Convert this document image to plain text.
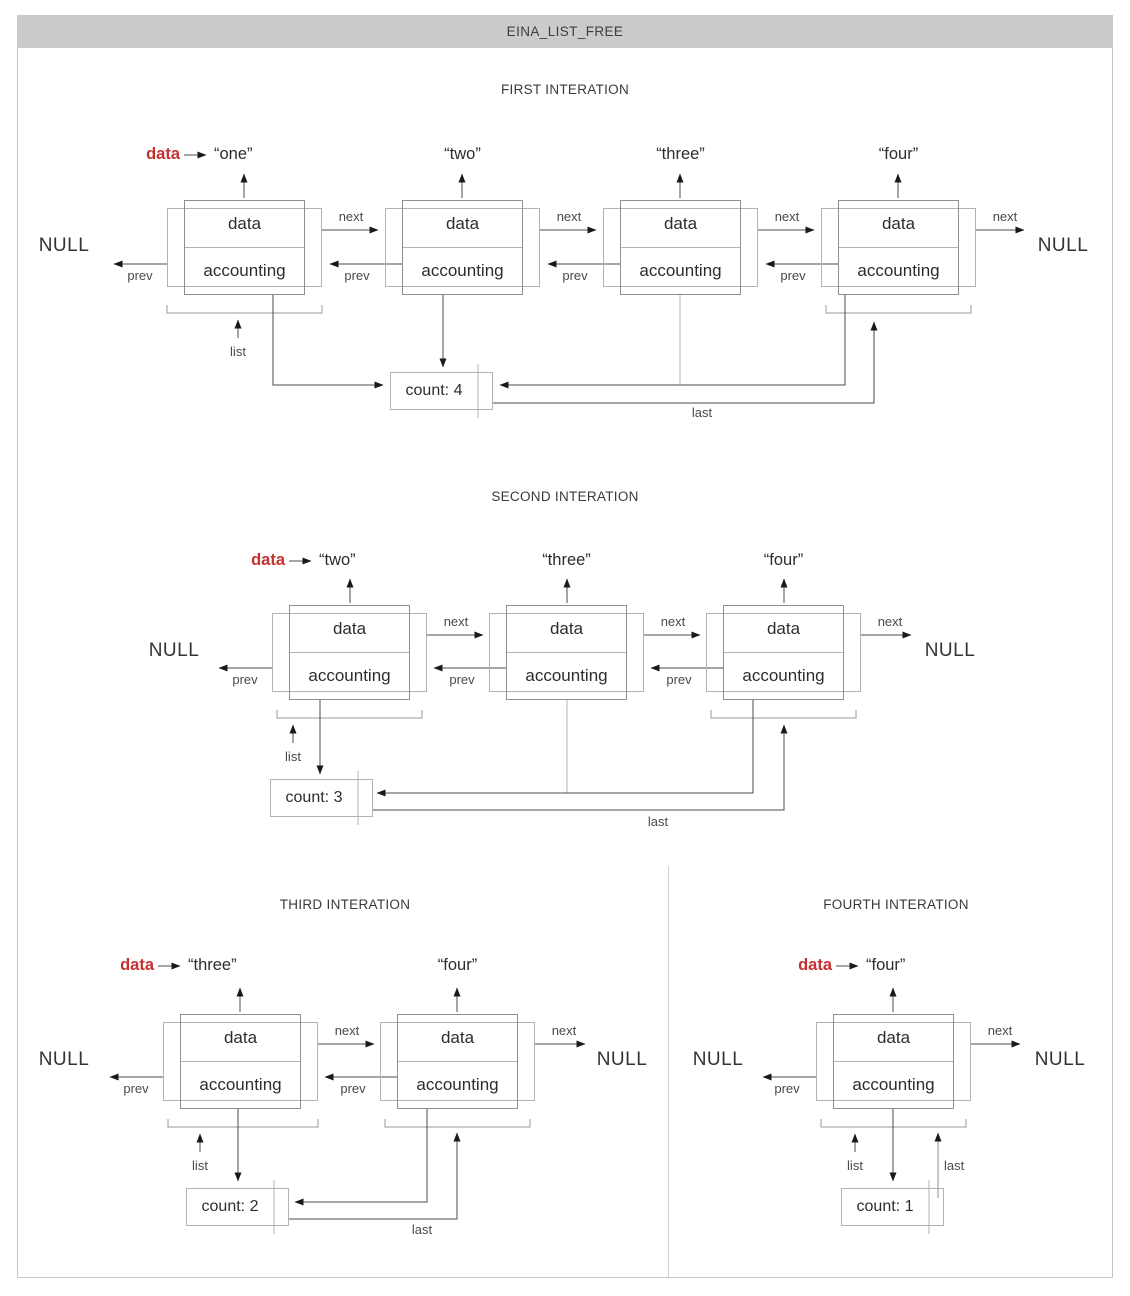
EINA_LIST_FREE
FIRST INTERATION
data “one”	“two”	“three”	“four”
NULL	NULL
next	next	next	next
prev	prev	prev
prev
list
last
data
accounting
data
accounting
data
accounting
data
accounting
count: 4
SECOND INTERATION
data “two”	“three”	“four”
NULL	NULL
next	next	next
prev	prev
prev
list
last
data
accounting
data
accounting
data
accounting
count: 3
THIRD INTERATION
data “three”	“four”
NULL	NULL
next	next
prev
prev
list
last
data
accounting
data
accounting
count: 2
FOURTH INTERATION
data “four”
NULL	NULL
next
prev
list	last
data
accounting
count: 1
